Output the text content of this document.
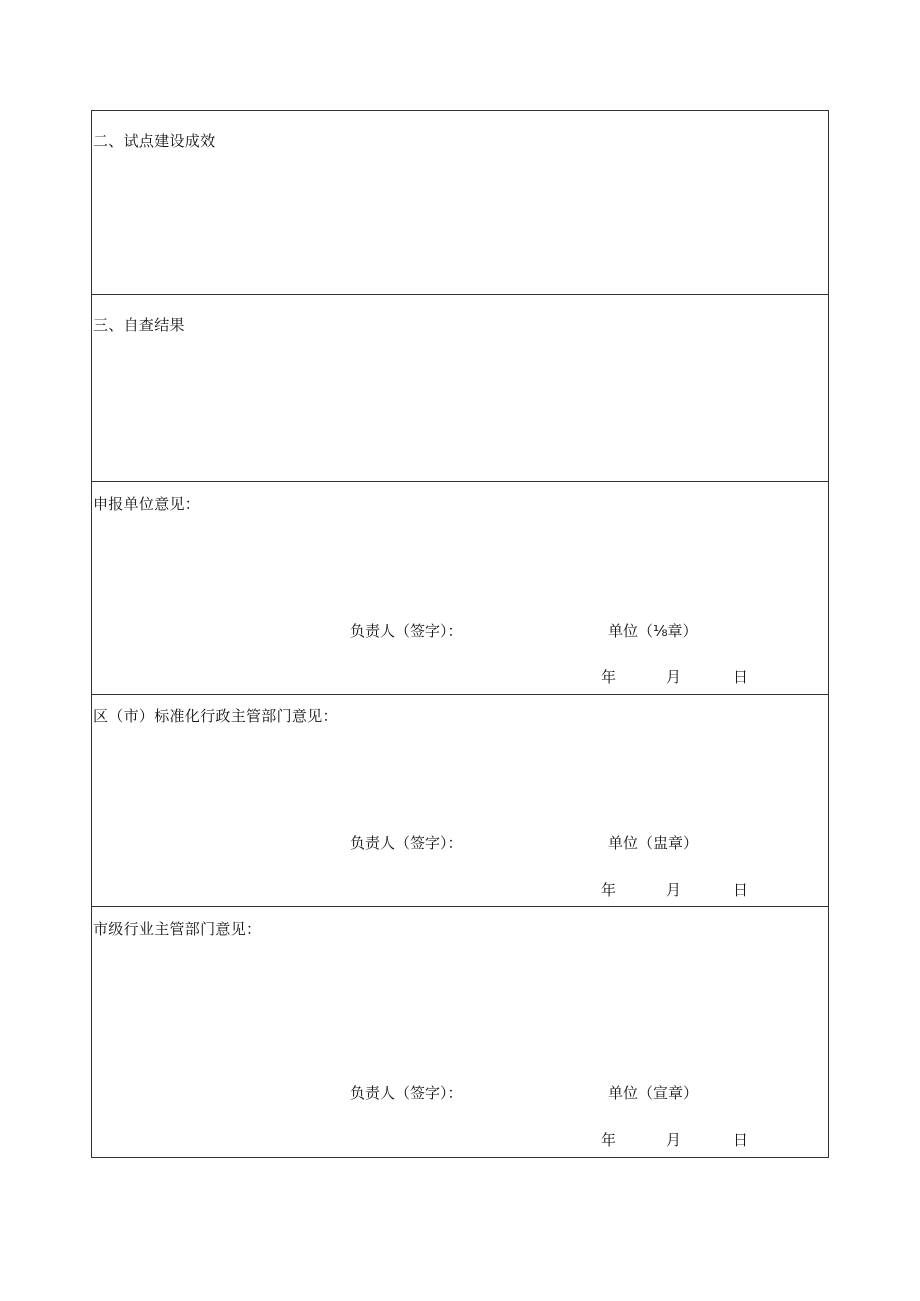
二、试点建设成效
三、自查结果
申报单位意见：
负责人（签字）：	单位（⅛章）
年	月	日
区（市）标准化行政主管部门意见：
负责人（签字）：	单位（盅章）
年	月	日
市级行业主管部门意见：
负责人（签字）：	单位（宣章）
年	月	日
